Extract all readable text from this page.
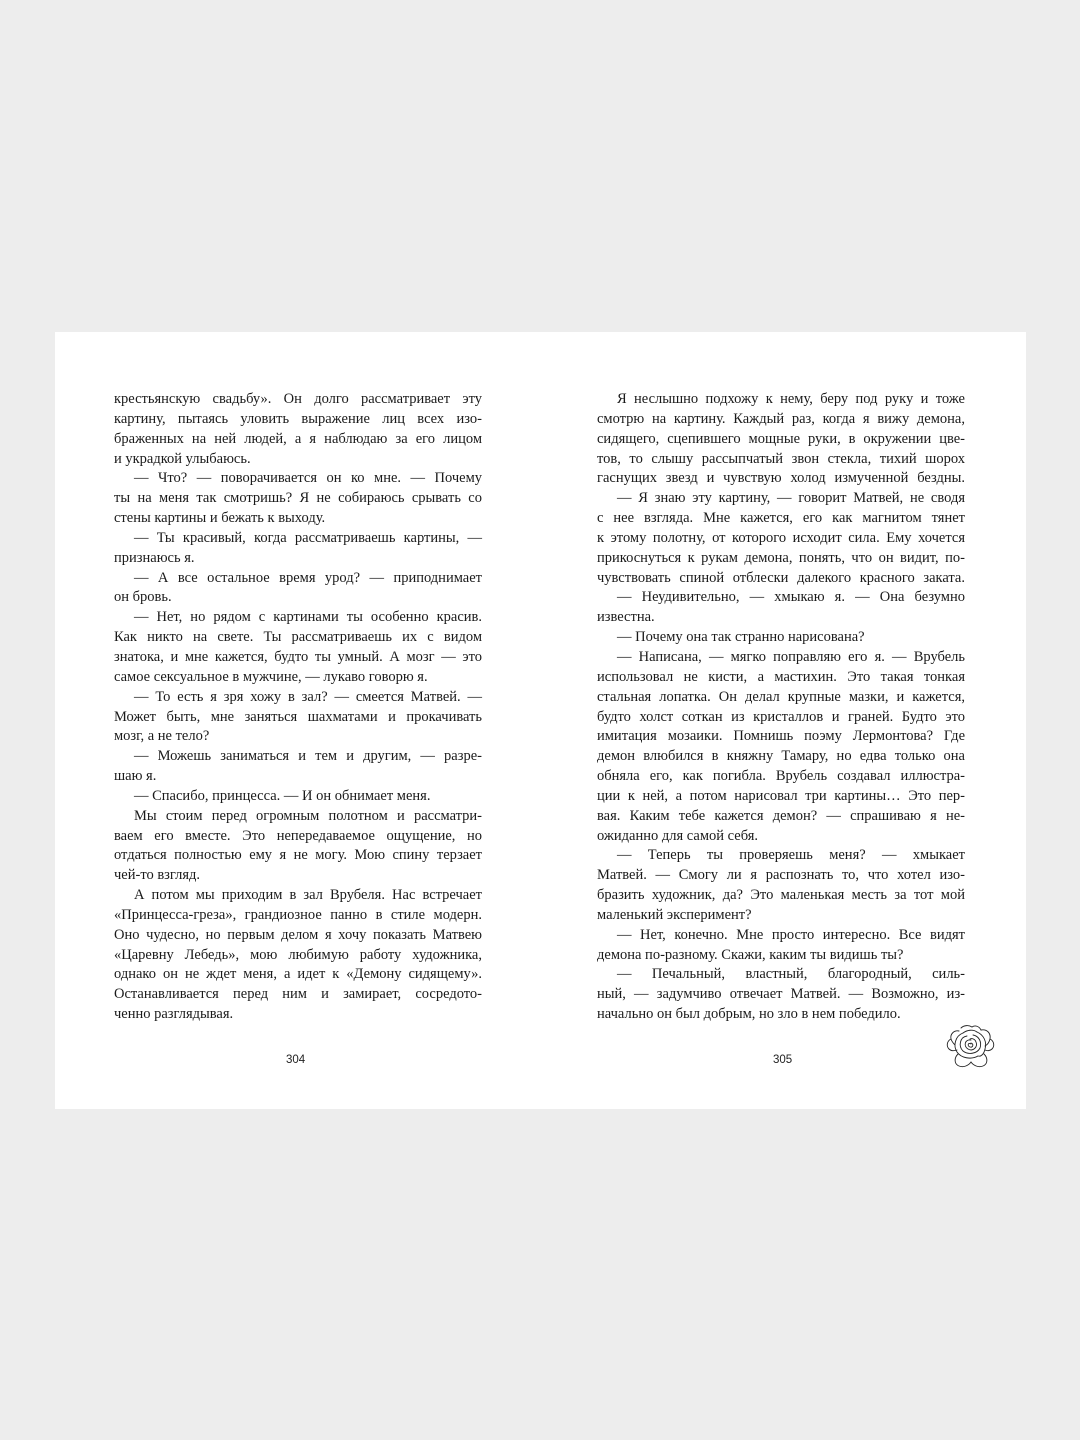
крестьянскую свадьбу». Он долго рассматривает эту
картину, пытаясь уловить выражение лиц всех изо-
браженных на ней людей, а я наблюдаю за его лицом
и украдкой улыбаюсь.
— Что? — поворачивается он ко мне. — Почему
ты на меня так смотришь? Я не собираюсь срывать со
стены картины и бежать к выходу.
— Ты красивый, когда рассматриваешь картины, —
признаюсь я.
— А все остальное время урод? — приподнимает
он бровь.
— Нет, но рядом с картинами ты особенно красив.
Как никто на свете. Ты рассматриваешь их с видом
знатока, и мне кажется, будто ты умный. А мозг — это
самое сексуальное в мужчине, — лукаво говорю я.
— То есть я зря хожу в зал? — смеется Матвей. —
Может быть, мне заняться шахматами и прокачивать
мозг, а не тело?
— Можешь заниматься и тем и другим, — разре-
шаю я.
— Спасибо, принцесса. — И он обнимает меня.
Мы стоим перед огромным полотном и рассматри-
ваем его вместе. Это непередаваемое ощущение, но
отдаться полностью ему я не могу. Мою спину терзает
чей-то взгляд.
А потом мы приходим в зал Врубеля. Нас встречает
«Принцесса-греза», грандиозное панно в стиле модерн.
Оно чудесно, но первым делом я хочу показать Матвею
«Царевну Лебедь», мою любимую работу художника,
однако он не ждет меня, а идет к «Демону сидящему».
Останавливается перед ним и замирает, сосредото-
ченно разглядывая.
Я неслышно подхожу к нему, беру под руку и тоже
смотрю на картину. Каждый раз, когда я вижу демона,
сидящего, сцепившего мощные руки, в окружении цве-
тов, то слышу рассыпчатый звон стекла, тихий шорох
гаснущих звезд и чувствую холод измученной бездны.
— Я знаю эту картину, — говорит Матвей, не сводя
с нее взгляда. Мне кажется, его как магнитом тянет
к этому полотну, от которого исходит сила. Ему хочется
прикоснуться к рукам демона, понять, что он видит, по-
чувствовать спиной отблески далекого красного заката.
— Неудивительно, — хмыкаю я. — Она безумно
известна.
— Почему она так странно нарисована?
— Написана, — мягко поправляю его я. — Врубель
использовал не кисти, а мастихин. Это такая тонкая
стальная лопатка. Он делал крупные мазки, и кажется,
будто холст соткан из кристаллов и граней. Будто это
имитация мозаики. Помнишь поэму Лермонтова? Где
демон влюбился в княжну Тамару, но едва только она
обняла его, как погибла. Врубель создавал иллюстра-
ции к ней, а потом нарисовал три картины… Это пер-
вая. Каким тебе кажется демон? — спрашиваю я не-
ожиданно для самой себя.
— Теперь ты проверяешь меня? — хмыкает
Матвей. — Смогу ли я распознать то, что хотел изо-
бразить художник, да? Это маленькая месть за тот мой
маленький эксперимент?
— Нет, конечно. Мне просто интересно. Все видят
демона по-разному. Скажи, каким ты видишь ты?
— Печальный, властный, благородный, силь-
ный, — задумчиво отвечает Матвей. — Возможно, из-
начально он был добрым, но зло в нем победило.
304	305
